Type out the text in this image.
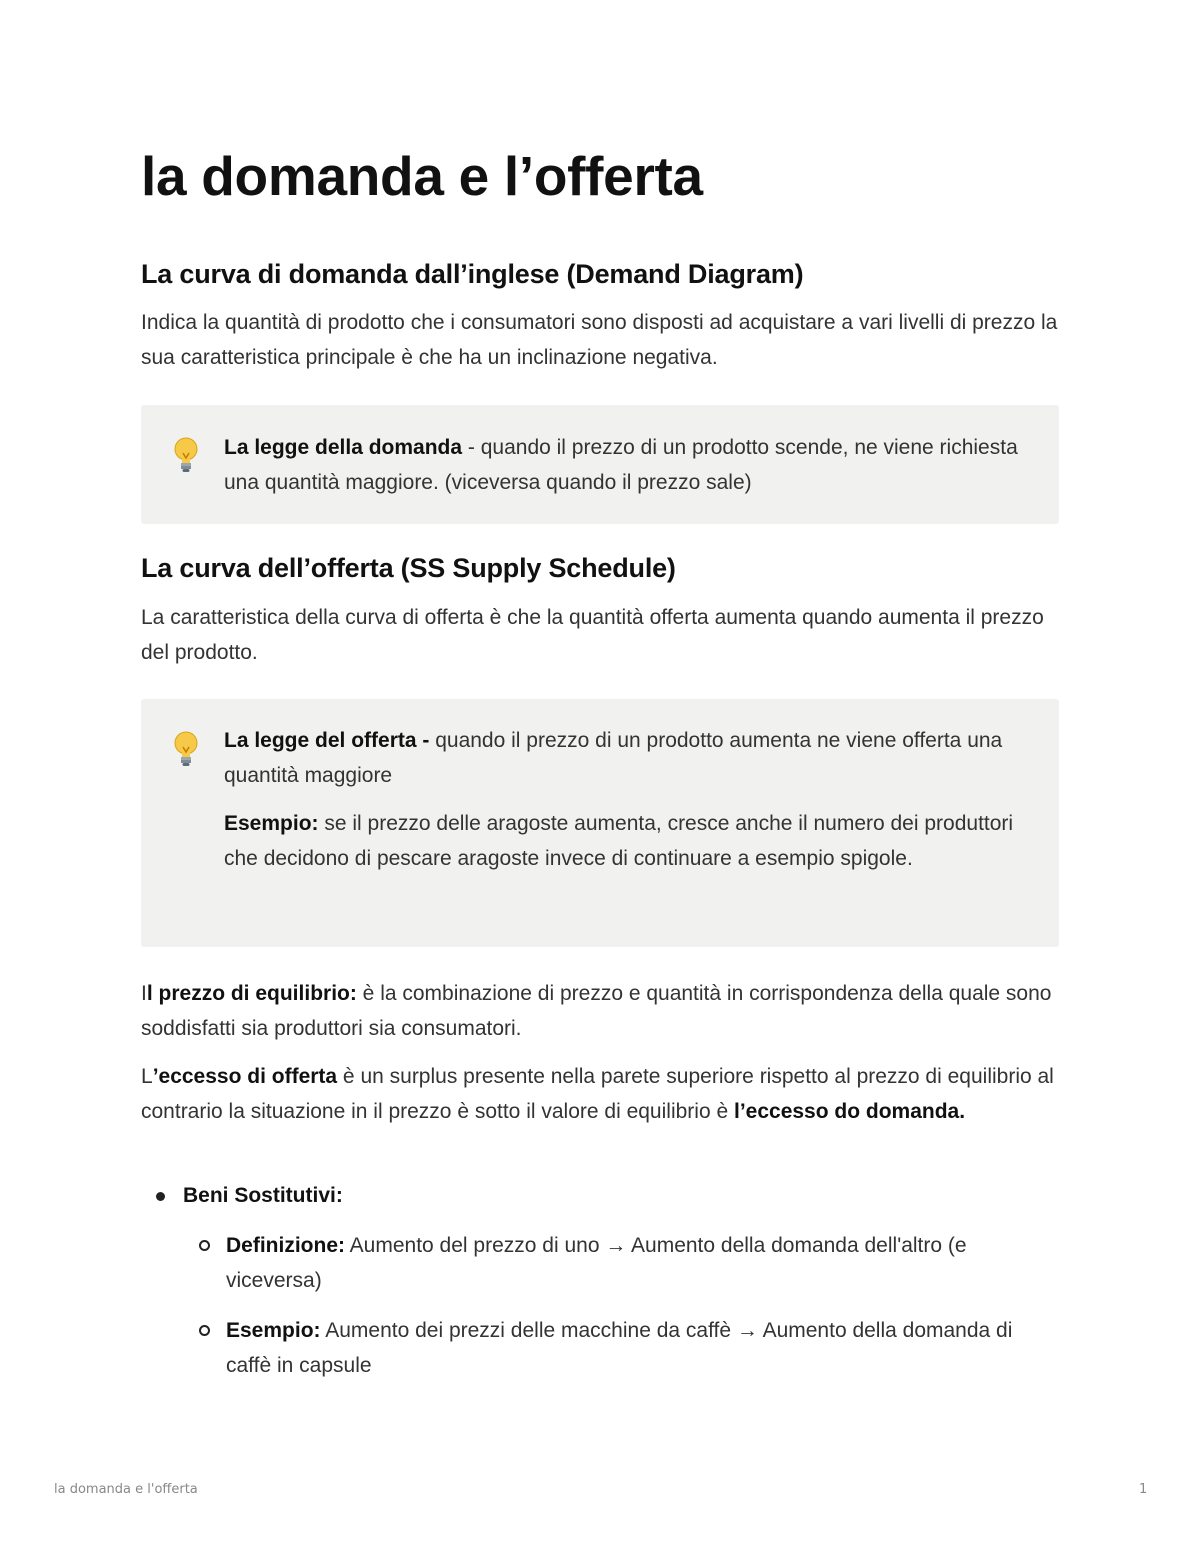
la domanda e l’offerta
La curva di domanda dall’inglese (Demand Diagram)

Indica la quantità di prodotto che i consumatori sono disposti ad acquistare a vari livelli di prezzo la sua caratteristica principale è che ha un inclinazione negativa.

La legge della domanda - quando il prezzo di un prodotto scende, ne viene richiesta una quantità maggiore. (viceversa quando il prezzo sale)
La curva dell’offerta (SS Supply Schedule)

La caratteristica della curva di offerta è che la quantità offerta aumenta quando aumenta il prezzo del prodotto.

La legge del offerta - quando il prezzo di un prodotto aumenta ne viene offerta una quantità maggiore
Esempio: se il prezzo delle aragoste aumenta, cresce anche il numero dei produttori che decidono di pescare aragoste invece di continuare a esempio spigole.

Il prezzo di equilibrio: è la combinazione di prezzo e quantità in corrispondenza della quale sono soddisfatti sia produttori sia consumatori.

L’eccesso di offerta è un surplus presente nella parete superiore rispetto al prezzo di equilibrio al contrario la situazione in il prezzo è sotto il valore di equilibrio è l’eccesso do domanda.

Beni Sostitutivi:
Definizione: Aumento del prezzo di uno → Aumento della domanda dell'altro (e viceversa)
Esempio: Aumento dei prezzi delle macchine da caffè → Aumento della domanda di caffè in capsule
la domanda e l'offerta	1
